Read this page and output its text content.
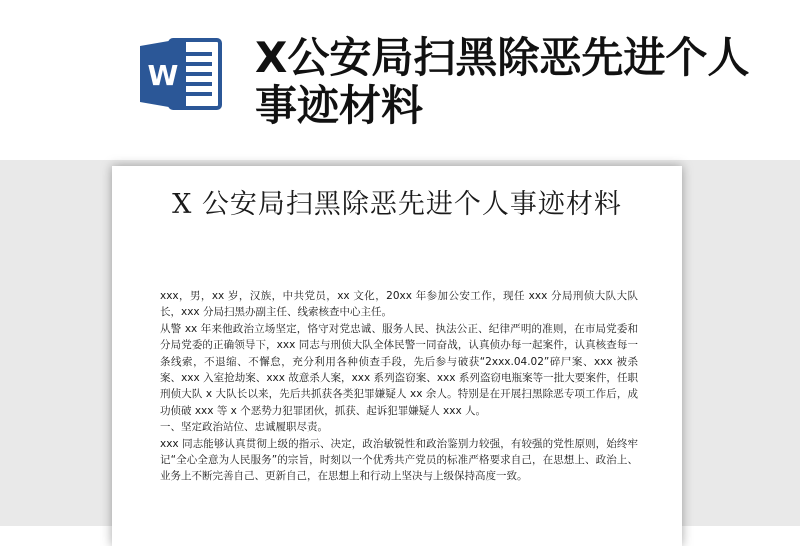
W X公安局扫黑除恶先进个人事迹材料
X 公安局扫黑除恶先进个人事迹材料

xxx，男，xx 岁，汉族，中共党员，xx 文化，20xx 年参加公安工作，现任 xxx 分局刑侦大队大队长，xxx 分局扫黑办副主任、线索核查中心主任。

从警 xx 年来他政治立场坚定，恪守对党忠诚、服务人民、执法公正、纪律严明的准则，在市局党委和分局党委的正确领导下，xxx 同志与刑侦大队全体民警一同奋战，认真侦办每一起案件，认真核查每一条线索，不退缩、不懈怠，充分利用各种侦查手段，先后参与破获“2xxx.04.02”碎尸案、xxx 被杀案、xxx 入室抢劫案、xxx 故意杀人案，xxx 系列盗窃案、xxx 系列盗窃电瓶案等一批大要案件，任职刑侦大队 x 大队长以来，先后共抓获各类犯罪嫌疑人 xx 余人。特别是在开展扫黑除恶专项工作后，成功侦破 xxx 等 x 个恶势力犯罪团伙，抓获、起诉犯罪嫌疑人 xxx 人。

一、坚定政治站位、忠诚履职尽责。

xxx 同志能够认真贯彻上级的指示、决定，政治敏锐性和政治鉴别力较强，有较强的党性原则，始终牢记“全心全意为人民服务”的宗旨，时刻以一个优秀共产党员的标准严格要求自己，在思想上、政治上、业务上不断完善自己、更新自己，在思想上和行动上坚决与上级保持高度一致。
